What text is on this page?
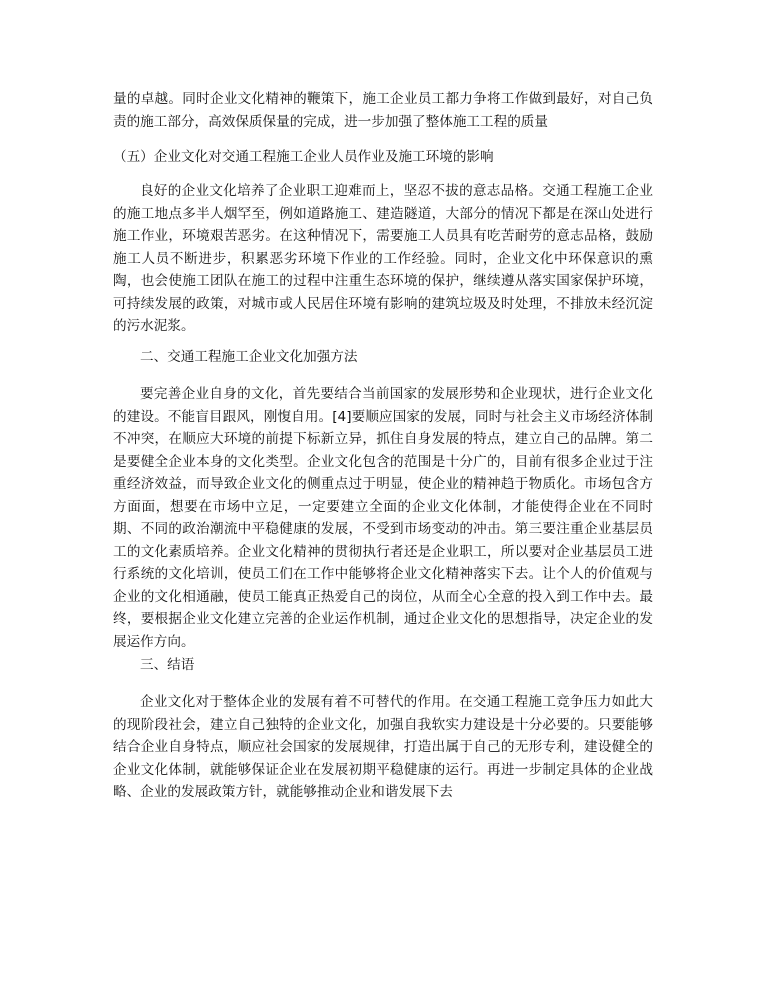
量的卓越。同时企业文化精神的鞭策下，施工企业员工都力争将工作做到最好，对自己负责的施工部分，高效保质保量的完成，进一步加强了整体施工工程的质量
（五）企业文化对交通工程施工企业人员作业及施工环境的影响
良好的企业文化培养了企业职工迎难而上，坚忍不拔的意志品格。交通工程施工企业的施工地点多半人烟罕至，例如道路施工、建造隧道，大部分的情况下都是在深山处进行施工作业，环境艰苦恶劣。在这种情况下，需要施工人员具有吃苦耐劳的意志品格，鼓励施工人员不断进步，积累恶劣环境下作业的工作经验。同时，企业文化中环保意识的熏陶，也会使施工团队在施工的过程中注重生态环境的保护，继续遵从落实国家保护环境，可持续发展的政策，对城市或人民居住环境有影响的建筑垃圾及时处理，不排放未经沉淀的污水泥浆。
二、交通工程施工企业文化加强方法
要完善企业自身的文化，首先要结合当前国家的发展形势和企业现状，进行企业文化的建设。不能盲目跟风，刚愎自用。[4]要顺应国家的发展，同时与社会主义市场经济体制不冲突，在顺应大环境的前提下标新立异，抓住自身发展的特点，建立自己的品牌。第二是要健全企业本身的文化类型。企业文化包含的范围是十分广的，目前有很多企业过于注重经济效益，而导致企业文化的侧重点过于明显，使企业的精神趋于物质化。市场包含方方面面，想要在市场中立足，一定要建立全面的企业文化体制，才能使得企业在不同时期、不同的政治潮流中平稳健康的发展，不受到市场变动的冲击。第三要注重企业基层员工的文化素质培养。企业文化精神的贯彻执行者还是企业职工，所以要对企业基层员工进行系统的文化培训，使员工们在工作中能够将企业文化精神落实下去。让个人的价值观与企业的文化相通融，使员工能真正热爱自己的岗位，从而全心全意的投入到工作中去。最终，要根据企业文化建立完善的企业运作机制，通过企业文化的思想指导，决定企业的发展运作方向。
三、结语
企业文化对于整体企业的发展有着不可替代的作用。在交通工程施工竞争压力如此大的现阶段社会，建立自己独特的企业文化，加强自我软实力建设是十分必要的。只要能够结合企业自身特点，顺应社会国家的发展规律，打造出属于自己的无形专利，建设健全的企业文化体制，就能够保证企业在发展初期平稳健康的运行。再进一步制定具体的企业战略、企业的发展政策方针，就能够推动企业和谐发展下去
